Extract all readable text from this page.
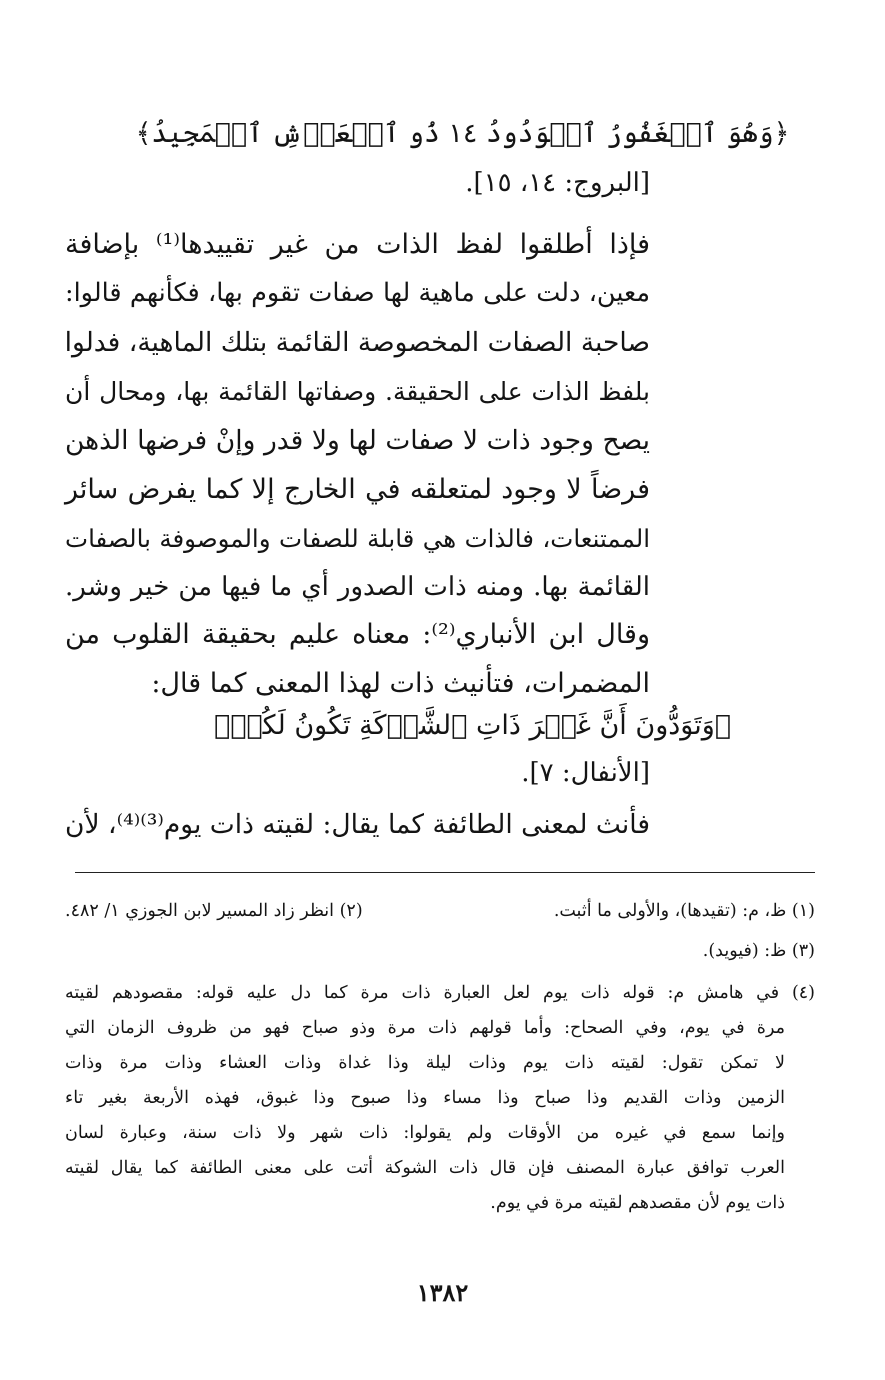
﴿وَهُوَ ٱلۡغَفُورُ ٱلۡوَدُودُ ١٤ ذُو ٱلۡعَرۡشِ ٱلۡمَجِيدُ﴾
[البروج: ١٤، ١٥].
فإذا أطلقوا لفظ الذات من غير تقييدها⁽¹⁾ بإضافة
معين، دلت على ماهية لها صفات تقوم بها، فكأنهم قالوا:
صاحبة الصفات المخصوصة القائمة بتلك الماهية، فدلوا
بلفظ الذات على الحقيقة. وصفاتها القائمة بها، ومحال أن
يصح وجود ذات لا صفات لها ولا قدر وإنْ فرضها الذهن
فرضاً لا وجود لمتعلقه في الخارج إلا كما يفرض سائر
الممتنعات، فالذات هي قابلة للصفات والموصوفة بالصفات
القائمة بها. ومنه ذات الصدور أي ما فيها من خير وشر.
وقال ابن الأنباري⁽²⁾: معناه عليم بحقيقة القلوب من
المضمرات، فتأنيث ذات لهذا المعنى كما قال:
﴿وَتَوَدُّونَ أَنَّ غَيۡرَ ذَاتِ ٱلشَّوۡكَةِ تَكُونُ لَكُمۡ﴾
[الأنفال: ٧].
فأنث لمعنى الطائفة كما يقال: لقيته ذات يوم⁽³⁾⁽⁴⁾، لأن
(١) ظ، م: (تقيدها)، والأولى ما أثبت.
(٢) انظر زاد المسير لابن الجوزي ١/ ٤٨٢.
(٣) ظ: (فيويد).
(٤) في هامش م: قوله ذات يوم لعل العبارة ذات مرة كما دل عليه قوله: مقصودهم لقيته
مرة في يوم، وفي الصحاح: وأما قولهم ذات مرة وذو صباح فهو من ظروف الزمان التي
لا تمكن تقول: لقيته ذات يوم وذات ليلة وذا غداة وذات العشاء وذات مرة وذات
الزمين وذات القديم وذا صباح وذا مساء وذا صبوح وذا غبوق، فهذه الأربعة بغير تاء
وإنما سمع في غيره من الأوقات ولم يقولوا: ذات شهر ولا ذات سنة، وعبارة لسان
العرب توافق عبارة المصنف فإن قال ذات الشوكة أتت على معنى الطائفة كما يقال لقيته
ذات يوم لأن مقصدهم لقيته مرة في يوم.
١٣٨٢
